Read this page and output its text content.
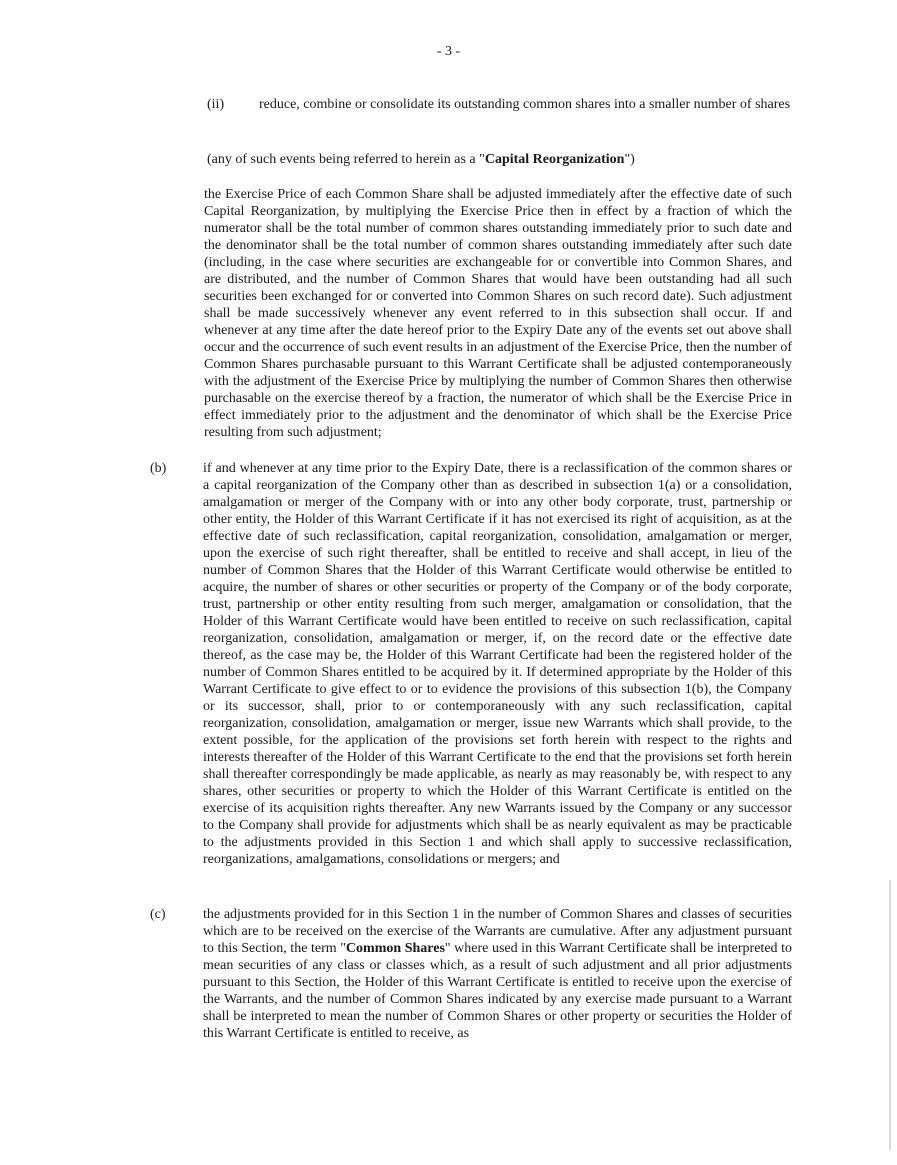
- 3 -
(ii) reduce, combine or consolidate its outstanding common shares into a smaller number of shares
(any of such events being referred to herein as a "Capital Reorganization")
the Exercise Price of each Common Share shall be adjusted immediately after the effective date of such Capital Reorganization, by multiplying the Exercise Price then in effect by a fraction of which the numerator shall be the total number of common shares outstanding immediately prior to such date and the denominator shall be the total number of common shares outstanding immediately after such date (including, in the case where securities are exchangeable for or convertible into Common Shares, and are distributed, and the number of Common Shares that would have been outstanding had all such securities been exchanged for or converted into Common Shares on such record date). Such adjustment shall be made successively whenever any event referred to in this subsection shall occur. If and whenever at any time after the date hereof prior to the Expiry Date any of the events set out above shall occur and the occurrence of such event results in an adjustment of the Exercise Price, then the number of Common Shares purchasable pursuant to this Warrant Certificate shall be adjusted contemporaneously with the adjustment of the Exercise Price by multiplying the number of Common Shares then otherwise purchasable on the exercise thereof by a fraction, the numerator of which shall be the Exercise Price in effect immediately prior to the adjustment and the denominator of which shall be the Exercise Price resulting from such adjustment;
(b)	if and whenever at any time prior to the Expiry Date, there is a reclassification of the common shares or a capital reorganization of the Company other than as described in subsection 1(a) or a consolidation, amalgamation or merger of the Company with or into any other body corporate, trust, partnership or other entity, the Holder of this Warrant Certificate if it has not exercised its right of acquisition, as at the effective date of such reclassification, capital reorganization, consolidation, amalgamation or merger, upon the exercise of such right thereafter, shall be entitled to receive and shall accept, in lieu of the number of Common Shares that the Holder of this Warrant Certificate would otherwise be entitled to acquire, the number of shares or other securities or property of the Company or of the body corporate, trust, partnership or other entity resulting from such merger, amalgamation or consolidation, that the Holder of this Warrant Certificate would have been entitled to receive on such reclassification, capital reorganization, consolidation, amalgamation or merger, if, on the record date or the effective date thereof, as the case may be, the Holder of this Warrant Certificate had been the registered holder of the number of Common Shares entitled to be acquired by it. If determined appropriate by the Holder of this Warrant Certificate to give effect to or to evidence the provisions of this subsection 1(b), the Company or its successor, shall, prior to or contemporaneously with any such reclassification, capital reorganization, consolidation, amalgamation or merger, issue new Warrants which shall provide, to the extent possible, for the application of the provisions set forth herein with respect to the rights and interests thereafter of the Holder of this Warrant Certificate to the end that the provisions set forth herein shall thereafter correspondingly be made applicable, as nearly as may reasonably be, with respect to any shares, other securities or property to which the Holder of this Warrant Certificate is entitled on the exercise of its acquisition rights thereafter. Any new Warrants issued by the Company or any successor to the Company shall provide for adjustments which shall be as nearly equivalent as may be practicable to the adjustments provided in this Section 1 and which shall apply to successive reclassification, reorganizations, amalgamations, consolidations or mergers; and
(c)	the adjustments provided for in this Section 1 in the number of Common Shares and classes of securities which are to be received on the exercise of the Warrants are cumulative. After any adjustment pursuant to this Section, the term "Common Shares" where used in this Warrant Certificate shall be interpreted to mean securities of any class or classes which, as a result of such adjustment and all prior adjustments pursuant to this Section, the Holder of this Warrant Certificate is entitled to receive upon the exercise of the Warrants, and the number of Common Shares indicated by any exercise made pursuant to a Warrant shall be interpreted to mean the number of Common Shares or other property or securities the Holder of this Warrant Certificate is entitled to receive, as
